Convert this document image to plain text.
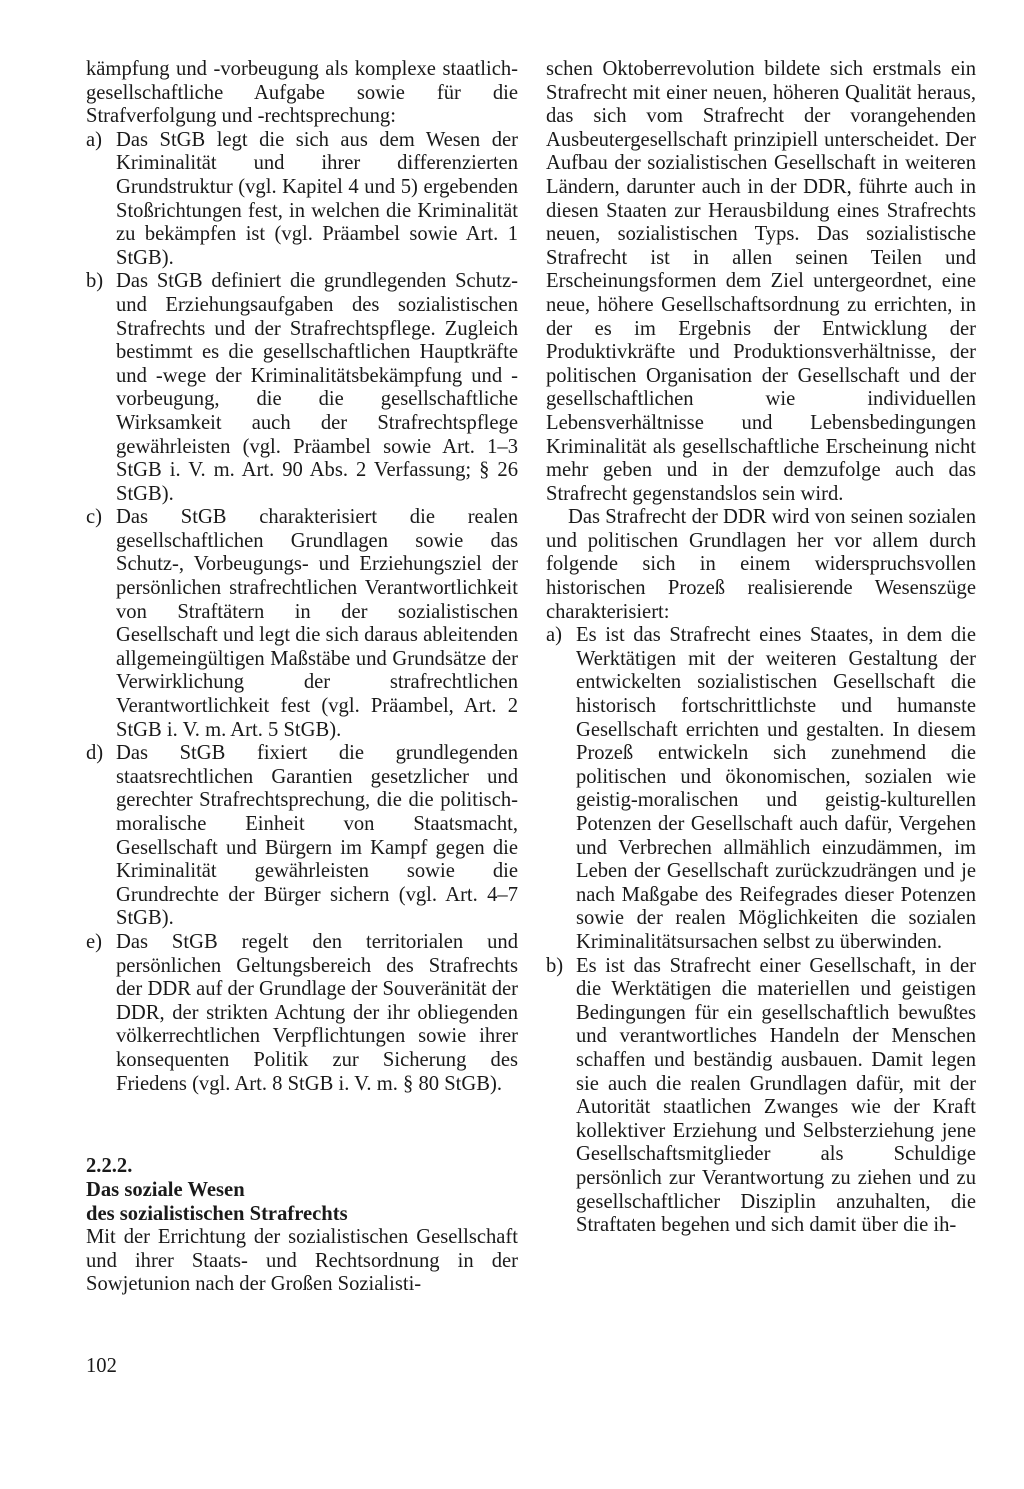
kämpfung und -vorbeugung als komplexe staatlich-gesellschaftliche Aufgabe sowie für die Strafverfolgung und -rechtsprechung:

a) Das StGB legt die sich aus dem Wesen der Kriminalität und ihrer differenzierten Grundstruktur (vgl. Kapitel 4 und 5) ergebenden Stoßrichtungen fest, in welchen die Kriminalität zu bekämpfen ist (vgl. Präambel sowie Art. 1 StGB).
b) Das StGB definiert die grundlegenden Schutz- und Erziehungsaufgaben des sozialistischen Strafrechts und der Strafrechtspflege. Zugleich bestimmt es die gesellschaftlichen Hauptkräfte und -wege der Kriminalitätsbekämpfung und -vorbeugung, die die gesellschaftliche Wirksamkeit auch der Strafrechtspflege gewährleisten (vgl. Präambel sowie Art. 1–3 StGB i. V. m. Art. 90 Abs. 2 Verfassung; § 26 StGB).
c) Das StGB charakterisiert die realen gesellschaftlichen Grundlagen sowie das Schutz-, Vorbeugungs- und Erziehungsziel der persönlichen strafrechtlichen Verantwortlichkeit von Straftätern in der sozialistischen Gesellschaft und legt die sich daraus ableitenden allgemeingültigen Maßstäbe und Grundsätze der Verwirklichung der strafrechtlichen Verantwortlichkeit fest (vgl. Präambel, Art. 2 StGB i. V. m. Art. 5 StGB).
d) Das StGB fixiert die grundlegenden staatsrechtlichen Garantien gesetzlicher und gerechter Strafrechtsprechung, die die politisch-moralische Einheit von Staatsmacht, Gesellschaft und Bürgern im Kampf gegen die Kriminalität gewährleisten sowie die Grundrechte der Bürger sichern (vgl. Art. 4–7 StGB).
e) Das StGB regelt den territorialen und persönlichen Geltungsbereich des Strafrechts der DDR auf der Grundlage der Souveränität der DDR, der strikten Achtung der ihr obliegenden völkerrechtlichen Verpflichtungen sowie ihrer konsequenten Politik zur Sicherung des Friedens (vgl. Art. 8 StGB i. V. m. § 80 StGB).
2.2.2.
Das soziale Wesen
des sozialistischen Strafrechts

Mit der Errichtung der sozialistischen Gesellschaft und ihrer Staats- und Rechtsordnung in der Sowjetunion nach der Großen Sozialisti-

schen Oktoberrevolution bildete sich erstmals ein Strafrecht mit einer neuen, höheren Qualität heraus, das sich vom Strafrecht der vorangehenden Ausbeutergesellschaft prinzipiell unterscheidet. Der Aufbau der sozialistischen Gesellschaft in weiteren Ländern, darunter auch in der DDR, führte auch in diesen Staaten zur Herausbildung eines Strafrechts neuen, sozialistischen Typs. Das sozialistische Strafrecht ist in allen seinen Teilen und Erscheinungsformen dem Ziel untergeordnet, eine neue, höhere Gesellschaftsordnung zu errichten, in der es im Ergebnis der Entwicklung der Produktivkräfte und Produktionsverhältnisse, der politischen Organisation der Gesellschaft und der gesellschaftlichen wie individuellen Lebensverhältnisse und Lebensbedingungen Kriminalität als gesellschaftliche Erscheinung nicht mehr geben und in der demzufolge auch das Strafrecht gegenstandslos sein wird.

Das Strafrecht der DDR wird von seinen sozialen und politischen Grundlagen her vor allem durch folgende sich in einem widerspruchsvollen historischen Prozeß realisierende Wesenszüge charakterisiert:

a) Es ist das Strafrecht eines Staates, in dem die Werktätigen mit der weiteren Gestaltung der entwickelten sozialistischen Gesellschaft die historisch fortschrittlichste und humanste Gesellschaft errichten und gestalten. In diesem Prozeß entwickeln sich zunehmend die politischen und ökonomischen, sozialen wie geistig-moralischen und geistig-kulturellen Potenzen der Gesellschaft auch dafür, Vergehen und Verbrechen allmählich einzudämmen, im Leben der Gesellschaft zurückzudrängen und je nach Maßgabe des Reifegrades dieser Potenzen sowie der realen Möglichkeiten die sozialen Kriminalitätsursachen selbst zu überwinden.
b) Es ist das Strafrecht einer Gesellschaft, in der die Werktätigen die materiellen und geistigen Bedingungen für ein gesellschaftlich bewußtes und verantwortliches Handeln der Menschen schaffen und beständig ausbauen. Damit legen sie auch die realen Grundlagen dafür, mit der Autorität staatlichen Zwanges wie der Kraft kollektiver Erziehung und Selbsterziehung jene Gesellschaftsmitglieder als Schuldige persönlich zur Verantwortung zu ziehen und zu gesellschaftlicher Disziplin anzuhalten, die Straftaten begehen und sich damit über die ih-
102
